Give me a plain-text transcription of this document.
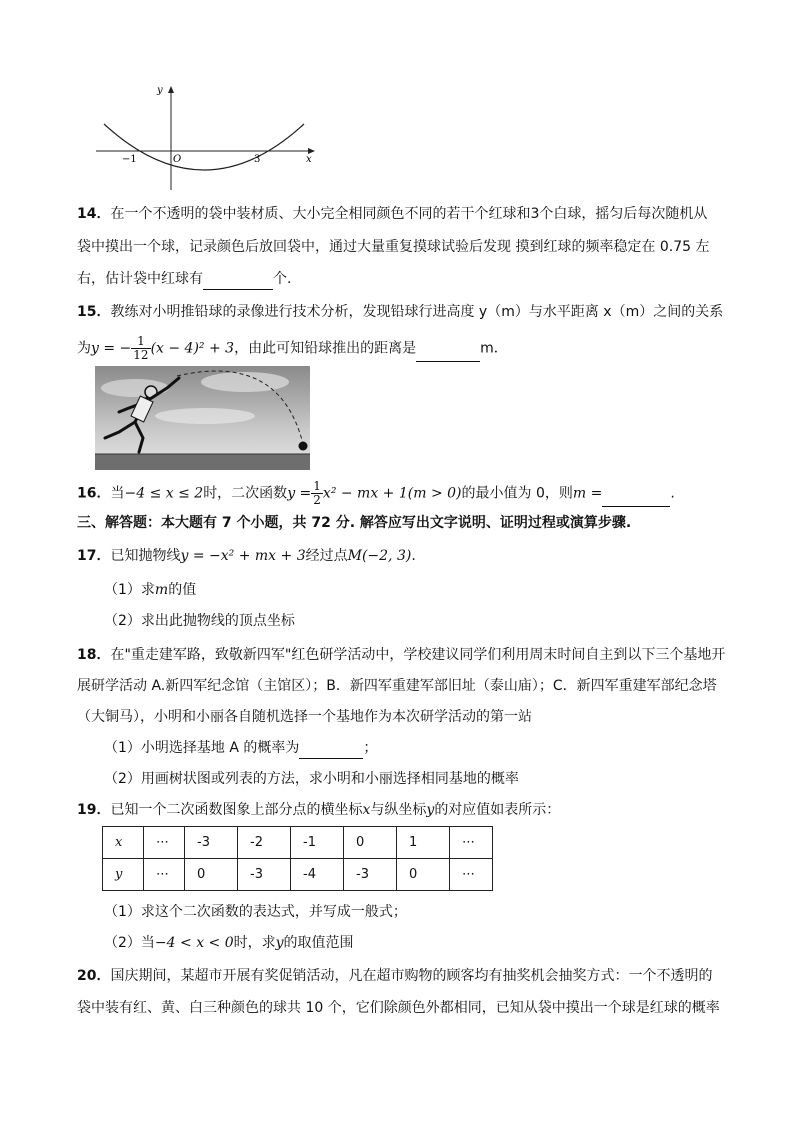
y
x
O
−1	3
14．在一个不透明的袋中装材质、大小完全相同颜色不同的若干个红球和3个白球，摇匀后每次随机从
袋中摸出一个球，记录颜色后放回袋中，通过大量重复摸球试验后发现 摸到红球的频率稳定在 0.75 左
右，估计袋中红球有	个.
15．教练对小明推铅球的录像进行技术分析，发现铅球行进高度 y（m）与水平距离 x（m）之间的关系
为y = − $\frac{1}{12} (x - 4)^2 + 3$，由此可知铅球推出的距离是	m．
16．当−4 ≤ x ≤ 2时，二次函数$y = \frac{1}{2} x^2$ − mx + 1(m > 0)的最小值为 0，则m =	.
三、解答题：本大题有 7 个小题，共 72 分. 解答应写出文字说明、证明过程或演算步骤.
17．已知抛物线y = −x² + mx + 3经过点M(−2, 3).
（1）求m的值
（2）求出此抛物线的顶点坐标
18．在"重走建军路，致敬新四军"红色研学活动中，学校建议同学们利用周末时间自主到以下三个基地开
展研学活动 A.新四军纪念馆（主馆区）；B．新四军重建军部旧址（泰山庙）；C．新四军重建军部纪念塔
（大铜马），小明和小丽各自随机选择一个基地作为本次研学活动的第一站
（1）小明选择基地 A 的概率为	；
（2）用画树状图或列表的方法，求小明和小丽选择相同基地的概率
19．已知一个二次函数图象上部分点的横坐标x与纵坐标y的对应值如表所示：
x	⋯	-3	-2	-1	0	1	⋯
y	⋯	0	-3	-4	-3	0	⋯
（1）求这个二次函数的表达式，并写成一般式；
（2）当−4 < x < 0时，求y的取值范围
20．国庆期间，某超市开展有奖促销活动，凡在超市购物的顾客均有抽奖机会抽奖方式：一个不透明的
袋中装有红、黄、白三种颜色的球共 10 个，它们除颜色外都相同，已知从袋中摸出一个球是红球的概率
